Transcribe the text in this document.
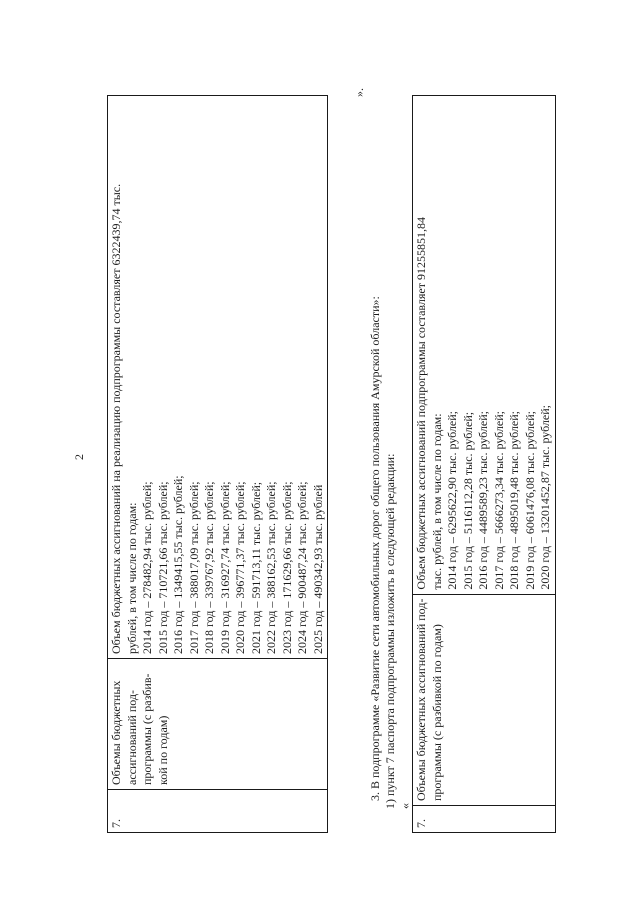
2
7.	
Объемы бюджетных ассигнований под- программы (с разбив- кой по годам)

Объем бюджетных ассигнований на реализацию подпрограммы составляет 6322439,74 тыс. рублей, в том числе по годам: 2014 год – 278482,94 тыс. рублей; 2015 год – 710721,66 тыс. рублей; 2016 год – 1349415,55 тыс. рублей; 2017 год – 388017,09 тыс. рублей; 2018 год – 339767,92 тыс. рублей; 2019 год – 316927,74 тыс. рублей; 2020 год – 396771,37 тыс. рублей; 2021 год – 591713,11 тыс. рублей; 2022 год – 388162,53 тыс. рублей; 2023 год – 171629,66 тыс. рублей; 2024 год – 900487,24 тыс. рублей; 2025 год – 490342,93 тыс. рублей
».
3. В подпрограмме «Развитие сети автомобильных дорог общего пользования Амурской области»: 1) пункт 7 паспорта подпрограммы изложить в следующей редакции: «
7.	
Объемы бюджетных ассигнований под- программы (с разбивкой по годам)

Объем бюджетных ассигнований подпрограммы составляет 91255851,84 тыс. рублей, в том числе по годам: 2014 год – 6295622,90 тыс. рублей; 2015 год – 5116112,28 тыс. рублей; 2016 год – 4489589,23 тыс. рублей; 2017 год – 5666273,34 тыс. рублей; 2018 год – 4895019,48 тыс. рублей; 2019 год – 6061476,08 тыс. рублей; 2020 год – 13201452,87 тыс. рублей;
